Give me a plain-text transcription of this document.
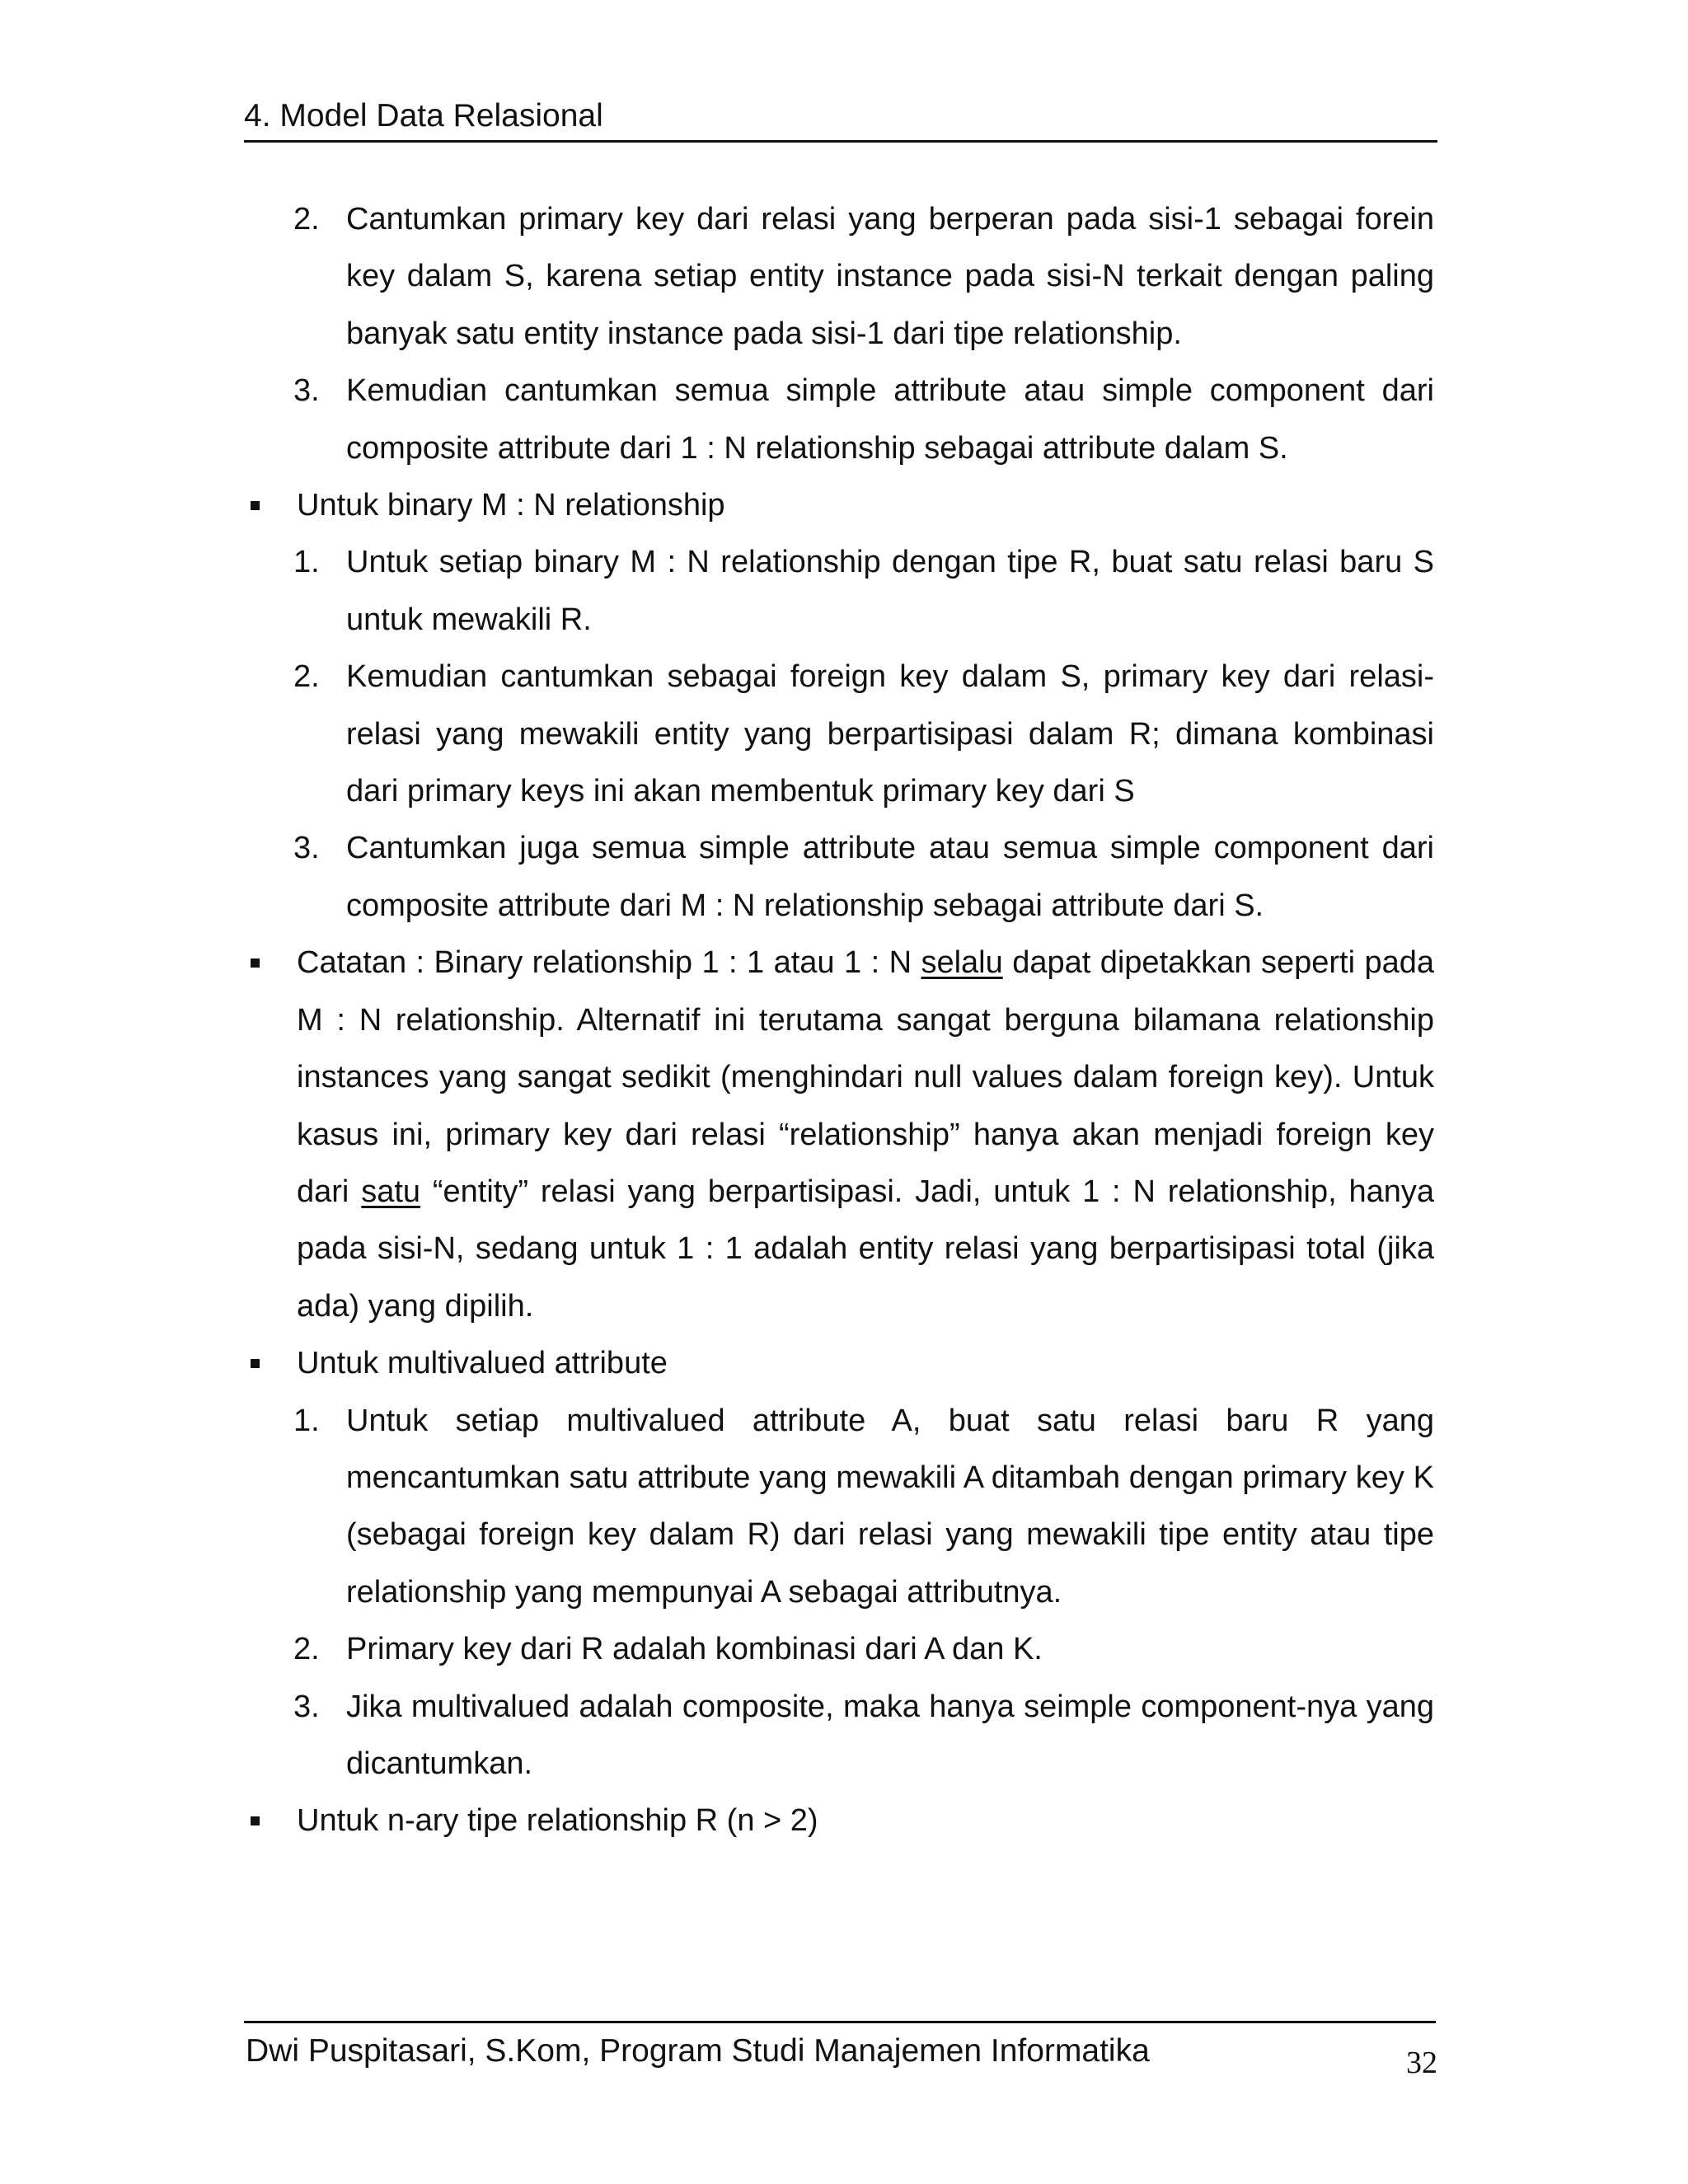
4. Model Data Relasional
2. Cantumkan primary key dari relasi yang berperan pada sisi-1 sebagai forein key dalam S, karena setiap entity instance pada sisi-N terkait dengan paling banyak satu entity instance pada sisi-1 dari tipe relationship.
3. Kemudian cantumkan semua simple attribute atau simple component dari composite attribute dari 1 : N relationship sebagai attribute dalam S.
Untuk binary M : N relationship
1. Untuk setiap binary M : N relationship dengan tipe R, buat satu relasi baru S untuk mewakili R.
2. Kemudian cantumkan sebagai foreign key dalam S, primary key dari relasi-relasi yang mewakili entity yang berpartisipasi dalam R; dimana kombinasi dari primary keys ini akan membentuk primary key dari S
3. Cantumkan juga semua simple attribute atau semua simple component dari composite attribute dari M : N relationship sebagai attribute dari S.
Catatan : Binary relationship 1 : 1 atau 1 : N selalu dapat dipetakkan seperti pada M : N relationship. Alternatif ini terutama sangat berguna bilamana relationship instances yang sangat sedikit (menghindari null values dalam foreign key). Untuk kasus ini, primary key dari relasi “relationship” hanya akan menjadi foreign key dari satu “entity” relasi yang berpartisipasi. Jadi, untuk 1 : N relationship, hanya pada sisi-N, sedang untuk 1 : 1 adalah entity relasi yang berpartisipasi total (jika ada) yang dipilih.
Untuk multivalued attribute
1. Untuk setiap multivalued attribute A, buat satu relasi baru R yang mencantumkan satu attribute yang mewakili A ditambah dengan primary key K (sebagai foreign key dalam R) dari relasi yang mewakili tipe entity atau tipe relationship yang mempunyai A sebagai attributnya.
2. Primary key dari R adalah kombinasi dari A dan K.
3. Jika multivalued adalah composite, maka hanya seimple component-nya yang dicantumkan.
Untuk n-ary tipe relationship R (n > 2)
Dwi Puspitasari, S.Kom, Program Studi Manajemen Informatika	32
